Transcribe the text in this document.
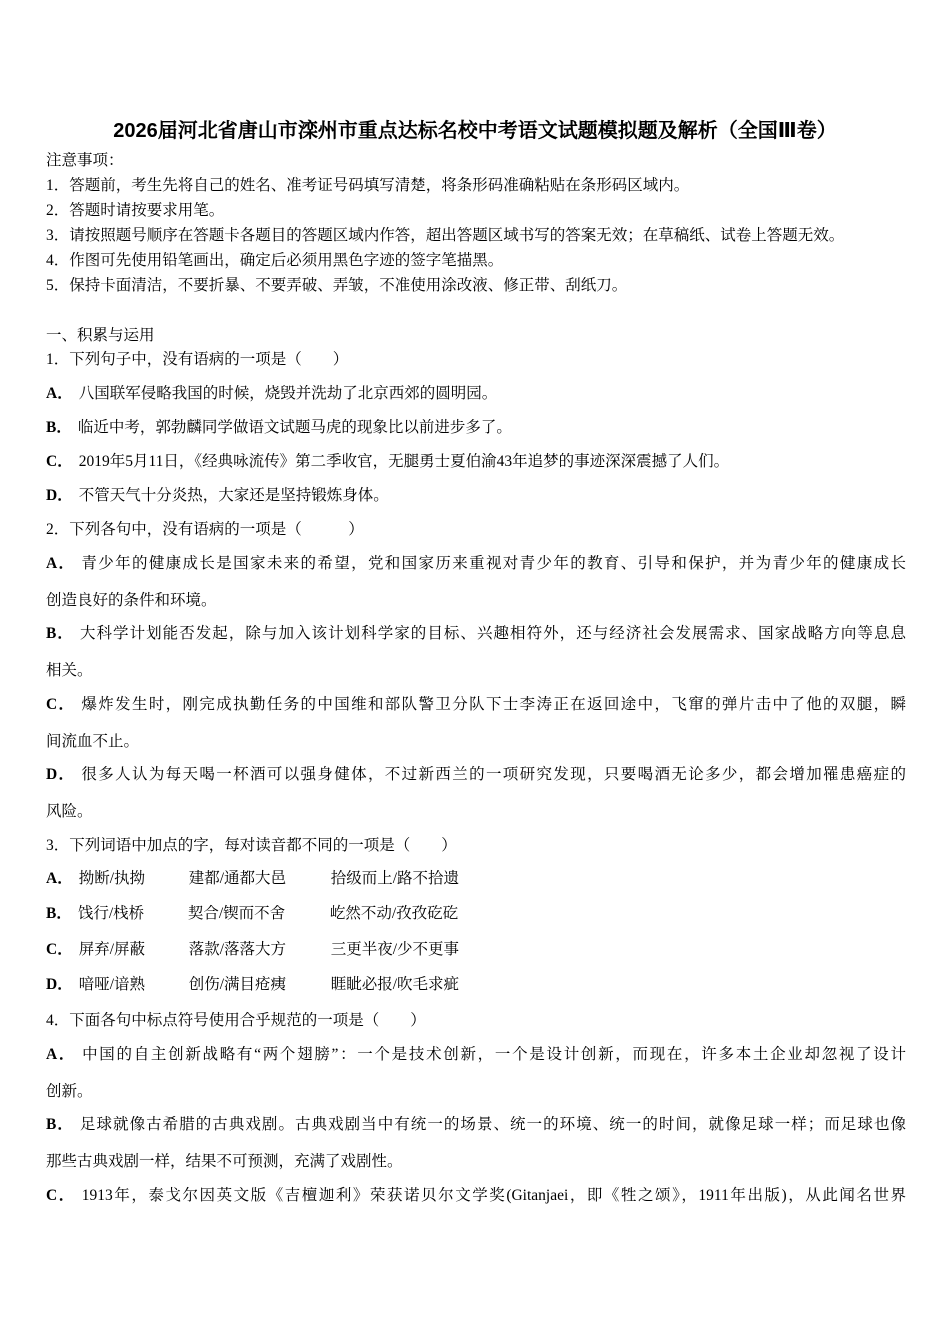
2026届河北省唐山市滦州市重点达标名校中考语文试题模拟题及解析（全国Ⅲ卷）
注意事项：
1．答题前，考生先将自己的姓名、准考证号码填写清楚，将条形码准确粘贴在条形码区域内。
2．答题时请按要求用笔。
3．请按照题号顺序在答题卡各题目的答题区域内作答，超出答题区域书写的答案无效；在草稿纸、试卷上答题无效。
4．作图可先使用铅笔画出，确定后必须用黑色字迹的签字笔描黑。
5．保持卡面清洁，不要折暴、不要弄破、弄皱，不准使用涂改液、修正带、刮纸刀。
一、积累与运用
1．下列句子中，没有语病的一项是（　　）
A． 八国联军侵略我国的时候，烧毁并洗劫了北京西郊的圆明园。
B． 临近中考，郭勃麟同学做语文试题马虎的现象比以前进步多了。
C． 2019年5月11日，《经典咏流传》第二季收官，无腿勇士夏伯渝43年追梦的事迹深深震撼了人们。
D． 不管天气十分炎热，大家还是坚持锻炼身体。
2．下列各句中，没有语病的一项是（　　　）
A． 青少年的健康成长是国家未来的希望，党和国家历来重视对青少年的教育、引导和保护，并为青少年的健康成长
创造良好的条件和环境。
B． 大科学计划能否发起，除与加入该计划科学家的目标、兴趣相符外，还与经济社会发展需求、国家战略方向等息息
相关。
C． 爆炸发生时，刚完成执勤任务的中国维和部队警卫分队下士李涛正在返回途中，飞窜的弹片击中了他的双腿，瞬
间流血不止。
D． 很多人认为每天喝一杯酒可以强身健体，不过新西兰的一项研究发现，只要喝酒无论多少，都会增加罹患癌症的
风险。
3．下列词语中加点的字，每对读音都不同的一项是（　　）
A． 拗断/执拗	建都/通都大邑	拾级而上/路不拾遗
B． 饯行/栈桥	契合/锲而不舍	屹然不动/孜孜矻矻
C． 屏弃/屏蔽	落款/落落大方	三更半夜/少不更事
D． 喑哑/谙熟	创伤/满目疮痍	睚眦必报/吹毛求疵
4．下面各句中标点符号使用合乎规范的一项是（　　）
A． 中国的自主创新战略有“两个翅膀”：一个是技术创新，一个是设计创新，而现在，许多本土企业却忽视了设计
创新。
B． 足球就像古希腊的古典戏剧。古典戏剧当中有统一的场景、统一的环境、统一的时间，就像足球一样；而足球也像
那些古典戏剧一样，结果不可预测，充满了戏剧性。
C． 1913年，泰戈尔因英文版《吉檀迦利》荣获诺贝尔文学奖(Gitanjaei，即《牲之颂》，1911年出版)，从此闻名世界
